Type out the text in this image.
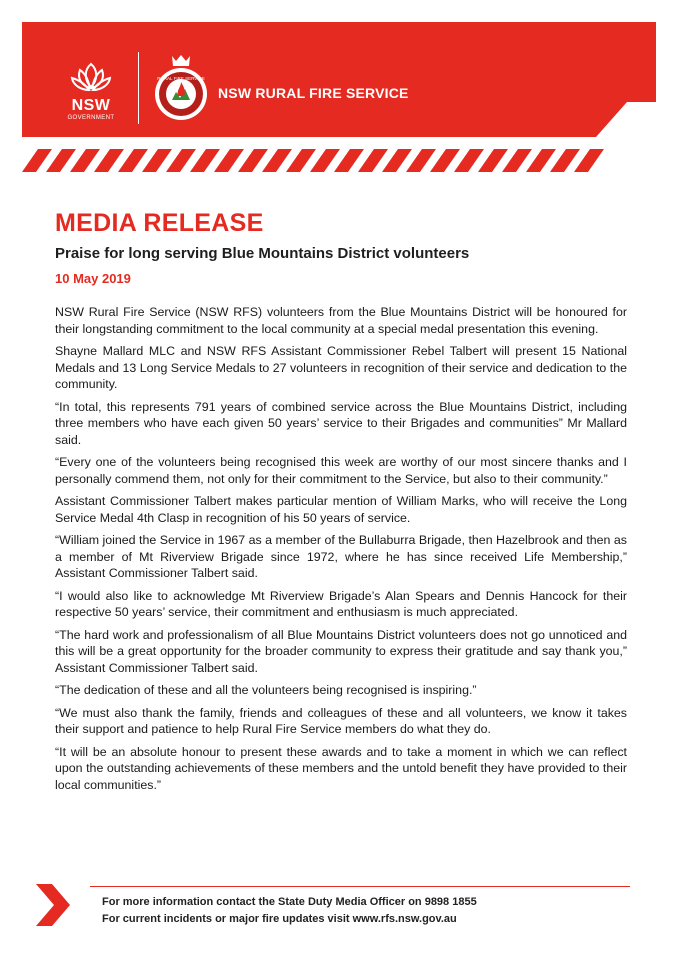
NSW
GOVERNMENT
RURAL FIRE SERVICE
NSW RURAL FIRE SERVICE
MEDIA RELEASE
Praise for long serving Blue Mountains District volunteers
10 May 2019

NSW Rural Fire Service (NSW RFS) volunteers from the Blue Mountains District will be honoured for their longstanding commitment to the local community at a special medal presentation this evening.

Shayne Mallard MLC and NSW RFS Assistant Commissioner Rebel Talbert will present 15 National Medals and 13 Long Service Medals to 27 volunteers in recognition of their service and dedication to the community.

“In total, this represents 791 years of combined service across the Blue Mountains District, including three members who have each given 50 years’ service to their Brigades and communities” Mr Mallard said.

“Every one of the volunteers being recognised this week are worthy of our most sincere thanks and I personally commend them, not only for their commitment to the Service, but also to their community.”

Assistant Commissioner Talbert makes particular mention of William Marks, who will receive the Long Service Medal 4th Clasp in recognition of his 50 years of service.

“William joined the Service in 1967 as a member of the Bullaburra Brigade, then Hazelbrook and then as a member of Mt Riverview Brigade since 1972, where he has since received Life Membership,” Assistant Commissioner Talbert said.

“I would also like to acknowledge Mt Riverview Brigade’s Alan Spears and Dennis Hancock for their respective 50 years’ service, their commitment and enthusiasm is much appreciated.

“The hard work and professionalism of all Blue Mountains District volunteers does not go unnoticed and this will be a great opportunity for the broader community to express their gratitude and say thank you,” Assistant Commissioner Talbert said.

“The dedication of these and all the volunteers being recognised is inspiring.”

“We must also thank the family, friends and colleagues of these and all volunteers, we know it takes their support and patience to help Rural Fire Service members do what they do.

“It will be an absolute honour to present these awards and to take a moment in which we can reflect upon the outstanding achievements of these members and the untold benefit they have provided to their local communities.”

For more information contact the State Duty Media Officer on 9898 1855
For current incidents or major fire updates visit www.rfs.nsw.gov.au
